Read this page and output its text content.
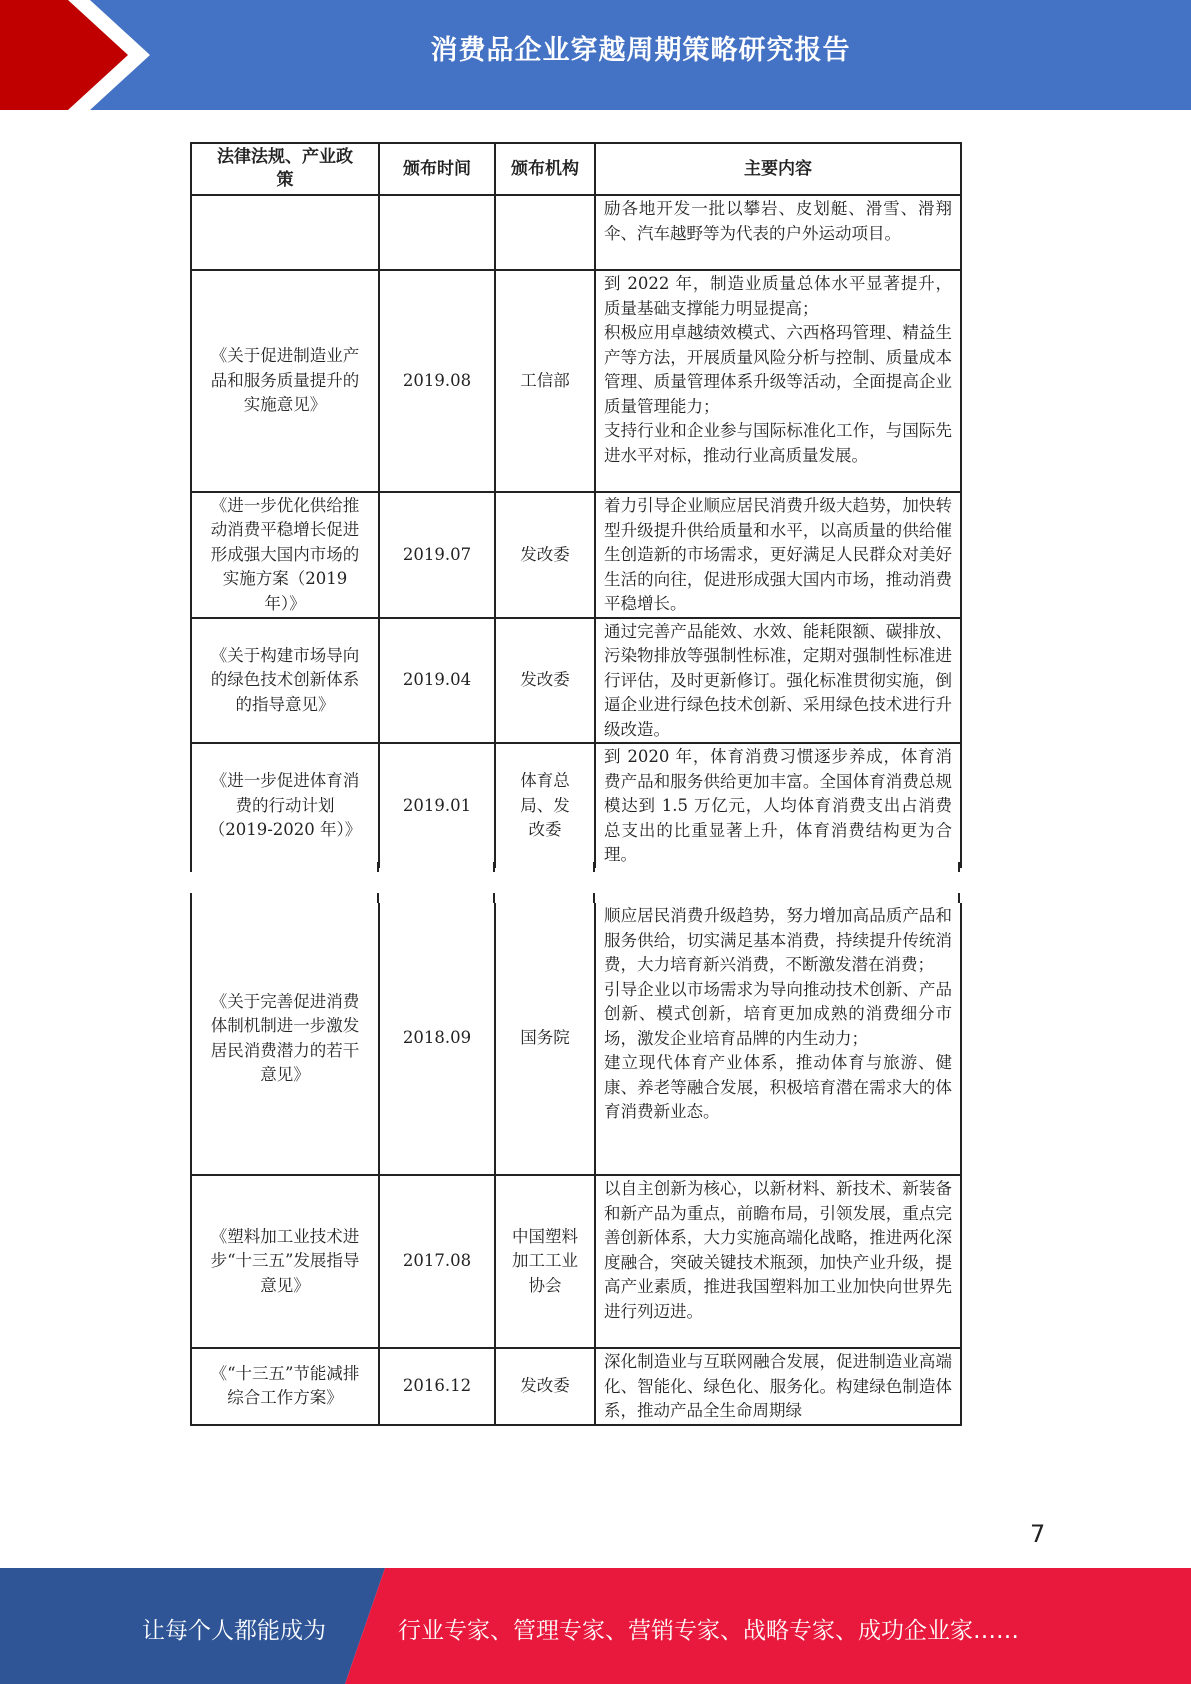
消费品企业穿越周期策略研究报告
法律法规、产业政策	颁布时间	颁布机构	主要内容
			励各地开发一批以攀岩、皮划艇、滑雪、滑翔伞、汽车越野等为代表的户外运动项目。
《关于促进制造业产品和服务质量提升的实施意见》	2019.08	工信部	到 2022 年，制造业质量总体水平显著提升，质量基础支撑能力明显提高；
积极应用卓越绩效模式、六西格玛管理、精益生产等方法，开展质量风险分析与控制、质量成本管理、质量管理体系升级等活动，全面提高企业质量管理能力；
支持行业和企业参与国际标准化工作，与国际先进水平对标，推动行业高质量发展。
《进一步优化供给推动消费平稳增长促进形成强大国内市场的实施方案（2019 年）》	2019.07	发改委	着力引导企业顺应居民消费升级大趋势，加快转型升级提升供给质量和水平，以高质量的供给催生创造新的市场需求，更好满足人民群众对美好生活的向往，促进形成强大国内市场，推动消费平稳增长。
《关于构建市场导向的绿色技术创新体系的指导意见》	2019.04	发改委	通过完善产品能效、水效、能耗限额、碳排放、污染物排放等强制性标准，定期对强制性标准进行评估，及时更新修订。强化标准贯彻实施，倒逼企业进行绿色技术创新、采用绿色技术进行升级改造。
《进一步促进体育消费的行动计划（2019-2020 年）》	2019.01	体育总局、发改委	到 2020 年，体育消费习惯逐步养成，体育消费产品和服务供给更加丰富。全国体育消费总规模达到 1.5 万亿元，人均体育消费支出占消费总支出的比重显著上升，体育消费结构更为合理。
《关于完善促进消费体制机制进一步激发居民消费潜力的若干意见》	2018.09	国务院	顺应居民消费升级趋势，努力增加高品质产品和服务供给，切实满足基本消费，持续提升传统消费，大力培育新兴消费，不断激发潜在消费；
引导企业以市场需求为导向推动技术创新、产品创新、模式创新，培育更加成熟的消费细分市场，激发企业培育品牌的内生动力；
建立现代体育产业体系，推动体育与旅游、健康、养老等融合发展，积极培育潜在需求大的体育消费新业态。
《塑料加工业技术进步“十三五”发展指导意见》	2017.08	中国塑料加工工业协会	以自主创新为核心，以新材料、新技术、新装备和新产品为重点，前瞻布局，引领发展，重点完善创新体系，大力实施高端化战略，推进两化深度融合，突破关键技术瓶颈，加快产业升级，提高产业素质，推进我国塑料加工业加快向世界先进行列迈进。
《“十三五”节能减排综合工作方案》	2016.12	发改委	深化制造业与互联网融合发展，促进制造业高端化、智能化、绿色化、服务化。构建绿色制造体系，推动产品全生命周期绿
7
让每个人都能成为	行业专家、管理专家、营销专家、战略专家、成功企业家……
